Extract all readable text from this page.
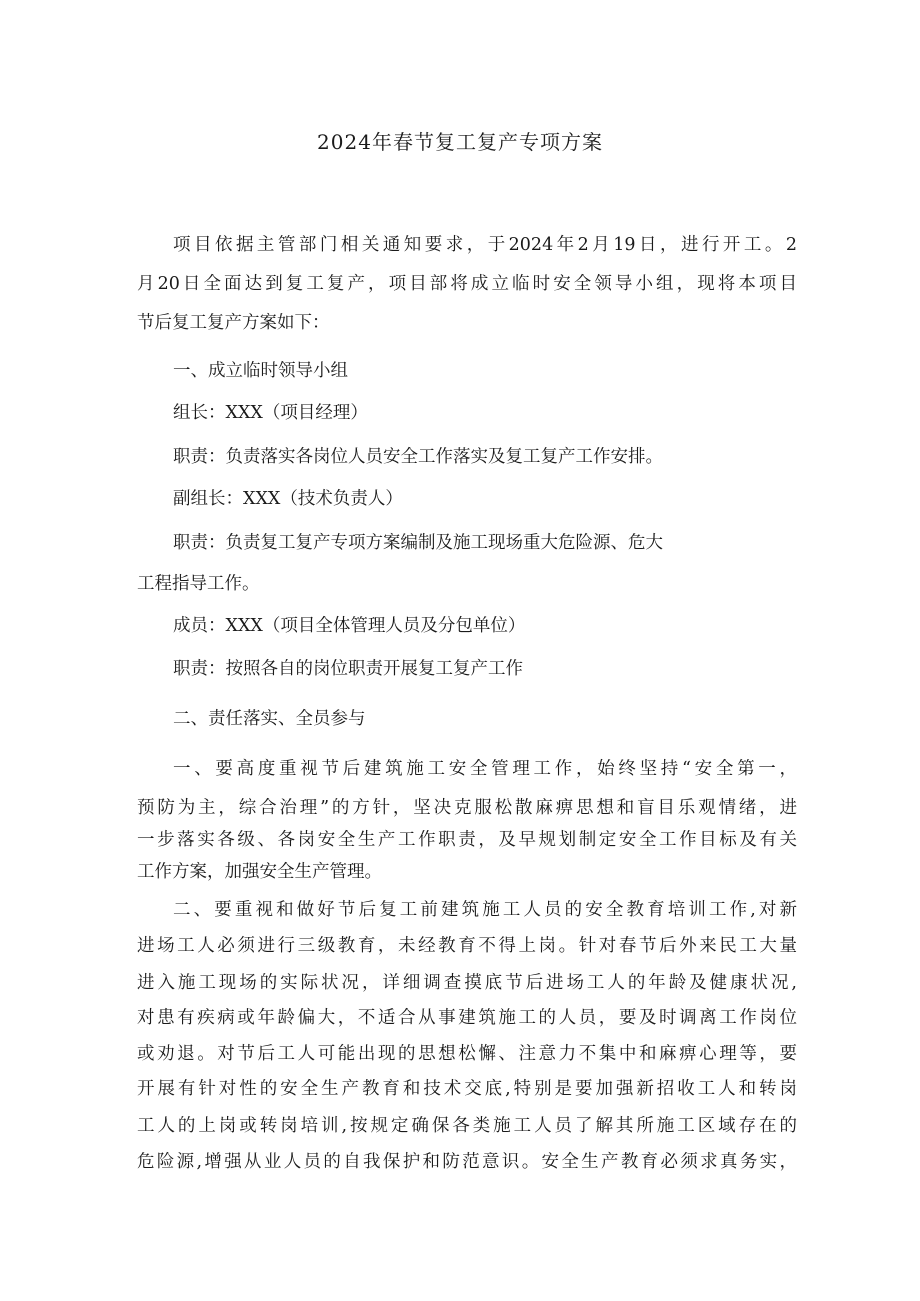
2024年春节复工复产专项方案
项目依据主管部门相关通知要求，于2024年2月19日，进行开工。2
月20日全面达到复工复产，项目部将成立临时安全领导小组，现将本项目
节后复工复产方案如下：
一、成立临时领导小组
组长：XXX（项目经理）
职责：负责落实各岗位人员安全工作落实及复工复产工作安排。
副组长：XXX（技术负责人）
职责：负责复工复产专项方案编制及施工现场重大危险源、危大
工程指导工作。
成员：XXX（项目全体管理人员及分包单位）
职责：按照各自的岗位职责开展复工复产工作
二、责任落实、全员参与
一、要高度重视节后建筑施工安全管理工作，始终坚持“安全第一，
预防为主，综合治理”的方针，坚决克服松散麻痹思想和盲目乐观情绪，进
一步落实各级、各岗安全生产工作职责，及早规划制定安全工作目标及有关
工作方案，加强安全生产管理。
二、要重视和做好节后复工前建筑施工人员的安全教育培训工作,对新
进场工人必须进行三级教育，未经教育不得上岗。针对春节后外来民工大量
进入施工现场的实际状况，详细调查摸底节后进场工人的年龄及健康状况,
对患有疾病或年龄偏大，不适合从事建筑施工的人员，要及时调离工作岗位
或劝退。对节后工人可能出现的思想松懈、注意力不集中和麻痹心理等，要
开展有针对性的安全生产教育和技术交底,特别是要加强新招收工人和转岗
工人的上岗或转岗培训,按规定确保各类施工人员了解其所施工区域存在的
危险源,增强从业人员的自我保护和防范意识。安全生产教育必须求真务实，
